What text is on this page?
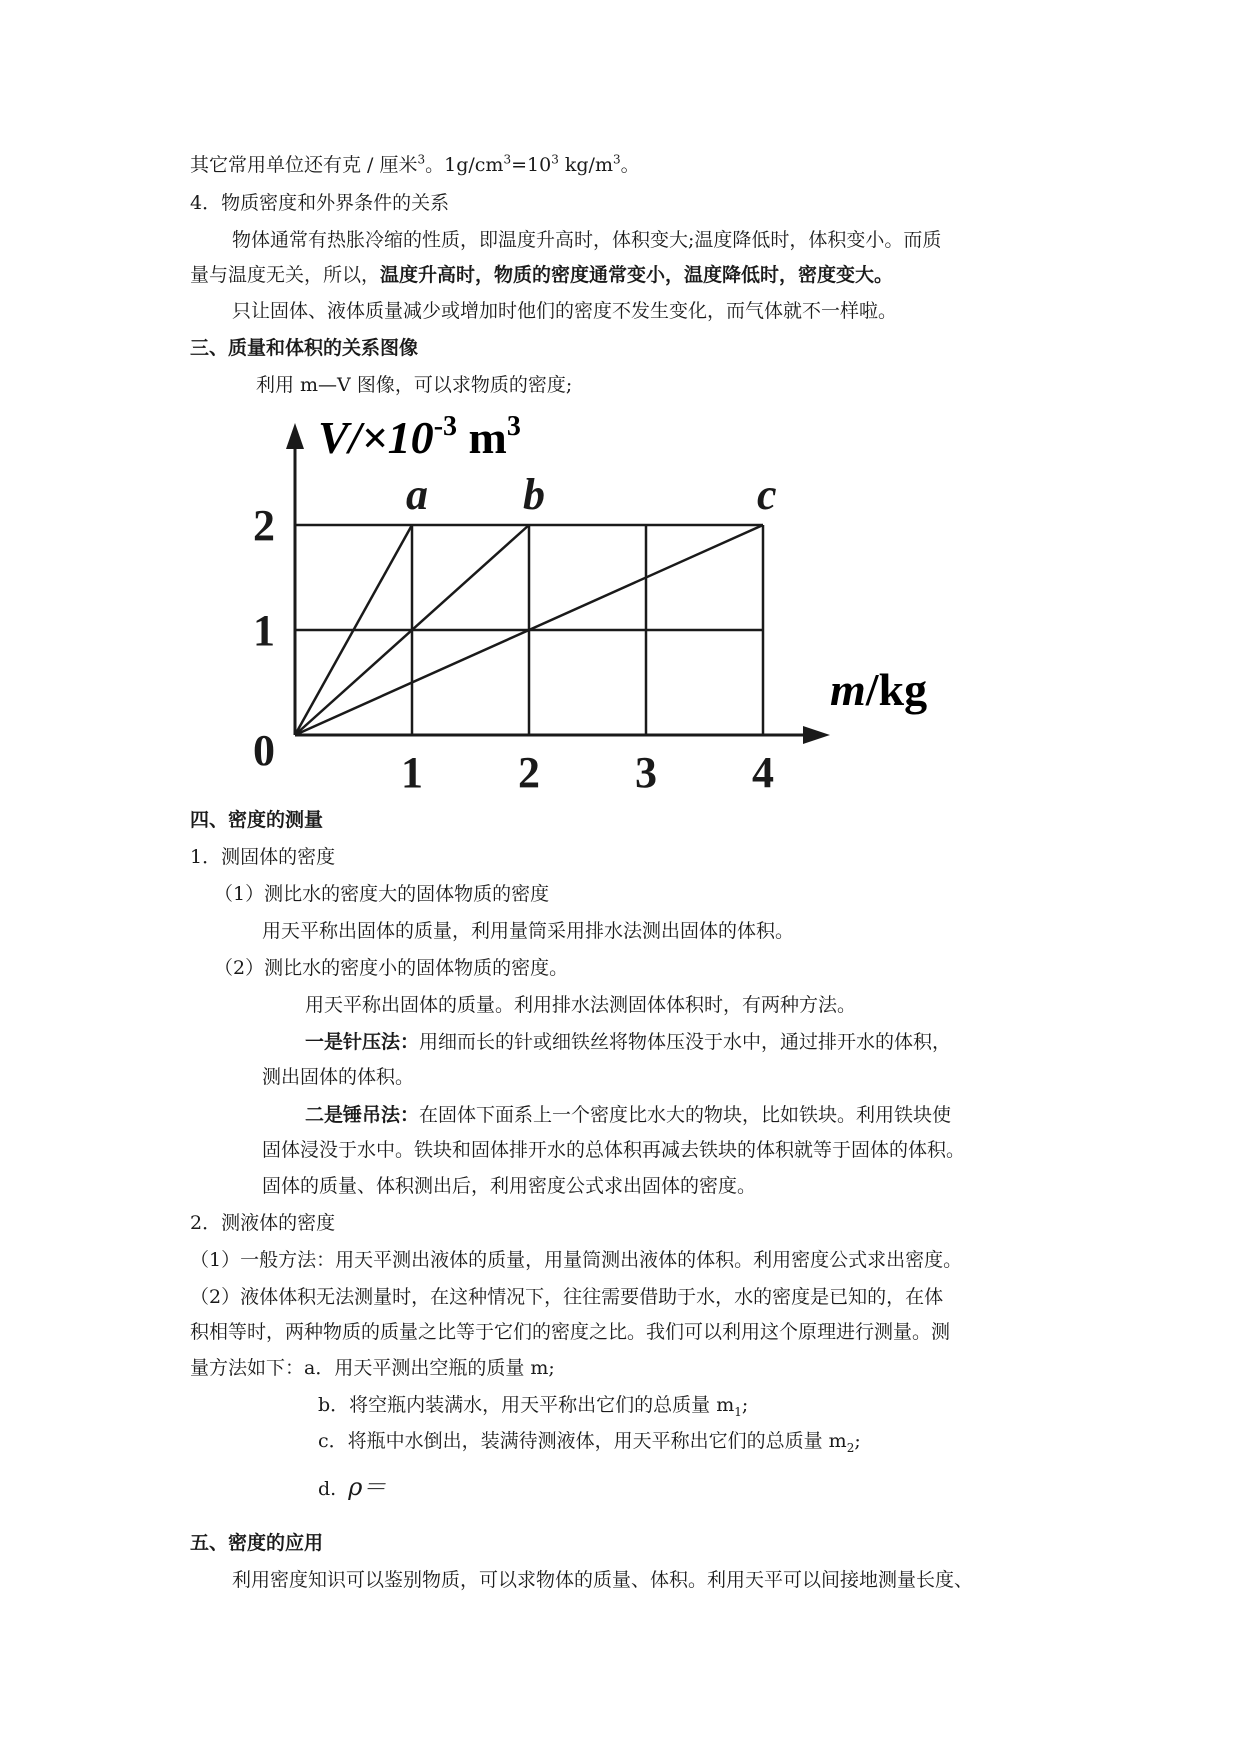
其它常用单位还有克 / 厘米$^3$。$1g/cm^3=10^3$ $kg/m^3$。
4．物质密度和外界条件的关系
物体通常有热胀冷缩的性质，即温度升高时，体积变大;温度降低时，体积变小。而质
量与温度无关，所以，温度升高时，物质的密度通常变小，温度降低时，密度变大。
只让固体、液体质量减少或增加时他们的密度不发生变化，而气体就不一样啦。
三、质量和体积的关系图像
利用 m—V 图像，可以求物质的密度;
a b	c
1 2 3 4
1
2
0
$V/\times 10^{-3}$ $m^3$
m/kg
四、密度的测量
1．测固体的密度
（1）测比水的密度大的固体物质的密度
用天平称出固体的质量，利用量筒采用排水法测出固体的体积。
（2）测比水的密度小的固体物质的密度。
用天平称出固体的质量。利用排水法测固体体积时，有两种方法。
一是针压法：用细而长的针或细铁丝将物体压没于水中，通过排开水的体积，
测出固体的体积。
二是锤吊法：在固体下面系上一个密度比水大的物块，比如铁块。利用铁块使
固体浸没于水中。铁块和固体排开水的总体积再减去铁块的体积就等于固体的体积。
固体的质量、体积测出后，利用密度公式求出固体的密度。
2．测液体的密度
（1）一般方法：用天平测出液体的质量，用量筒测出液体的体积。利用密度公式求出密度。
（2）液体体积无法测量时，在这种情况下，往往需要借助于水，水的密度是已知的，在体
积相等时，两种物质的质量之比等于它们的密度之比。我们可以利用这个原理进行测量。测
量方法如下：a．用天平测出空瓶的质量 m;
b．将空瓶内装满水，用天平称出它们的总质量 $m_1$;
c．将瓶中水倒出，装满待测液体，用天平称出它们的总质量 $m_2$;
d. ρ＝
五、密度的应用
利用密度知识可以鉴别物质，可以求物体的质量、体积。利用天平可以间接地测量长度、
